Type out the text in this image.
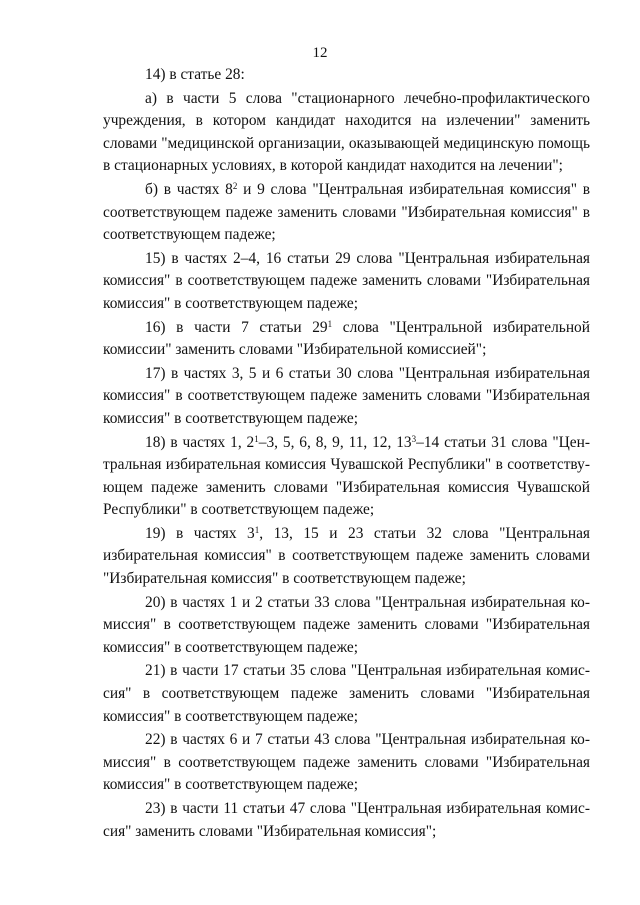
12

14) в статье 28:

а) в части 5 слова "стационарного лечебно-профилактического учреждения, в котором кандидат находится на излечении" заменить словами "медицинской организации, оказывающей медицинскую помощь в стационарных условиях, в которой кандидат находится на лечении";

б) в частях $8^2$ и 9 слова "Центральная избирательная комиссия" в соответствующем падеже заменить словами "Избирательная комиссия" в соответствующем падеже;

15) в частях 2–4, 16 статьи 29 слова "Центральная избирательная комиссия" в соответствующем падеже заменить словами "Избирательная комиссия" в соответствующем падеже;

16) в части 7 статьи $29^1$ слова "Центральной избирательной комиссии" заменить словами "Избирательной комиссией";

17) в частях 3, 5 и 6 статьи 30 слова "Центральная избирательная комиссия" в соответствующем падеже заменить словами "Избирательная комиссия" в соответствующем падеже;

18) в частях 1, $2^1-3$, 5, 6, 8, 9, 11, 12, $13^3-14$ статьи 31 слова "Центральная избирательная комиссия Чувашской Республики" в соответствующем падеже заменить словами "Избирательная комиссия Чувашской Республики" в соответствующем падеже;

19) в частях $3^1$, 13, 15 и 23 статьи 32 слова "Центральная избирательная комиссия" в соответствующем падеже заменить словами "Избирательная комиссия" в соответствующем падеже;

20) в частях 1 и 2 статьи 33 слова "Центральная избирательная комиссия" в соответствующем падеже заменить словами "Избирательная комиссия" в соответствующем падеже;

21) в части 17 статьи 35 слова "Центральная избирательная комиссия" в соответствующем падеже заменить словами "Избирательная комиссия" в соответствующем падеже;

22) в частях 6 и 7 статьи 43 слова "Центральная избирательная комиссия" в соответствующем падеже заменить словами "Избирательная комиссия" в соответствующем падеже;

23) в части 11 статьи 47 слова "Центральная избирательная комиссия" заменить словами "Избирательная комиссия";
